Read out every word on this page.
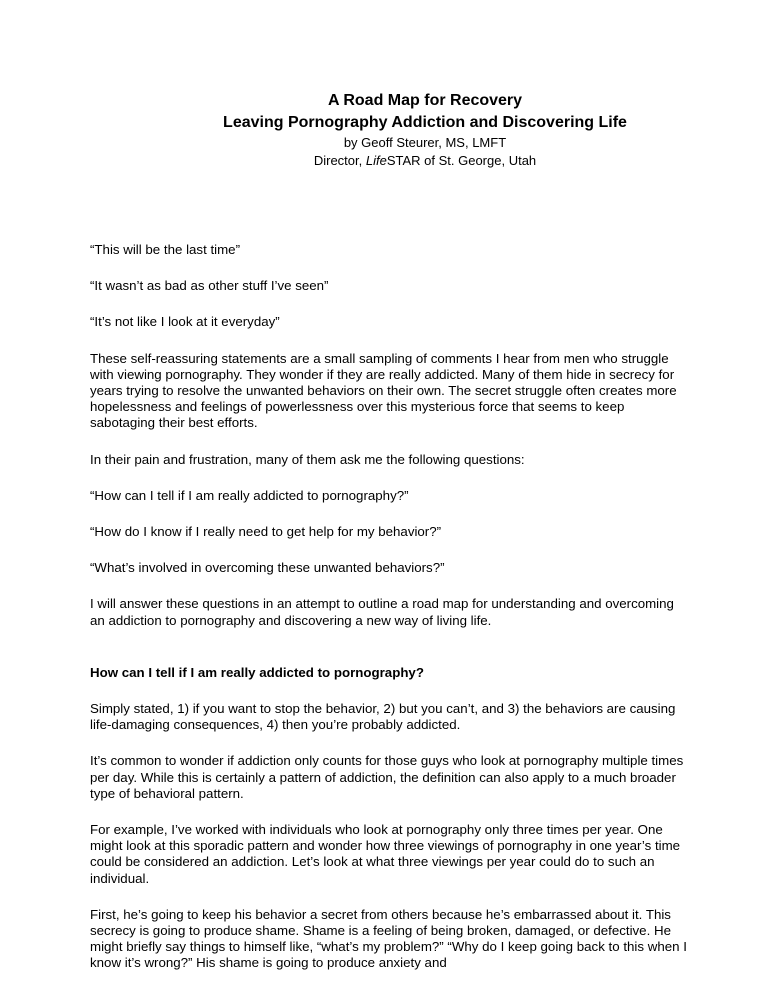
A Road Map for Recovery
Leaving Pornography Addiction and Discovering Life
by Geoff Steurer, MS, LMFT
Director, LifeSTAR of St. George, Utah

“This will be the last time”

“It wasn’t as bad as other stuff I’ve seen”

“It’s not like I look at it everyday”

These self-reassuring statements are a small sampling of comments I hear from men who struggle with viewing pornography. They wonder if they are really addicted. Many of them hide in secrecy for years trying to resolve the unwanted behaviors on their own. The secret struggle often creates more hopelessness and feelings of powerlessness over this mysterious force that seems to keep sabotaging their best efforts.

In their pain and frustration, many of them ask me the following questions:

“How can I tell if I am really addicted to pornography?”

“How do I know if I really need to get help for my behavior?”

“What’s involved in overcoming these unwanted behaviors?”

I will answer these questions in an attempt to outline a road map for understanding and overcoming an addiction to pornography and discovering a new way of living life.

How can I tell if I am really addicted to pornography?

Simply stated, 1) if you want to stop the behavior, 2) but you can’t, and 3) the behaviors are causing life-damaging consequences, 4) then you’re probably addicted.

It’s common to wonder if addiction only counts for those guys who look at pornography multiple times per day. While this is certainly a pattern of addiction, the definition can also apply to a much broader type of behavioral pattern.

For example, I’ve worked with individuals who look at pornography only three times per year. One might look at this sporadic pattern and wonder how three viewings of pornography in one year’s time could be considered an addiction. Let’s look at what three viewings per year could do to such an individual.

First, he’s going to keep his behavior a secret from others because he’s embarrassed about it. This secrecy is going to produce shame. Shame is a feeling of being broken, damaged, or defective. He might briefly say things to himself like, “what’s my problem?” “Why do I keep going back to this when I know it’s wrong?” His shame is going to produce anxiety and
